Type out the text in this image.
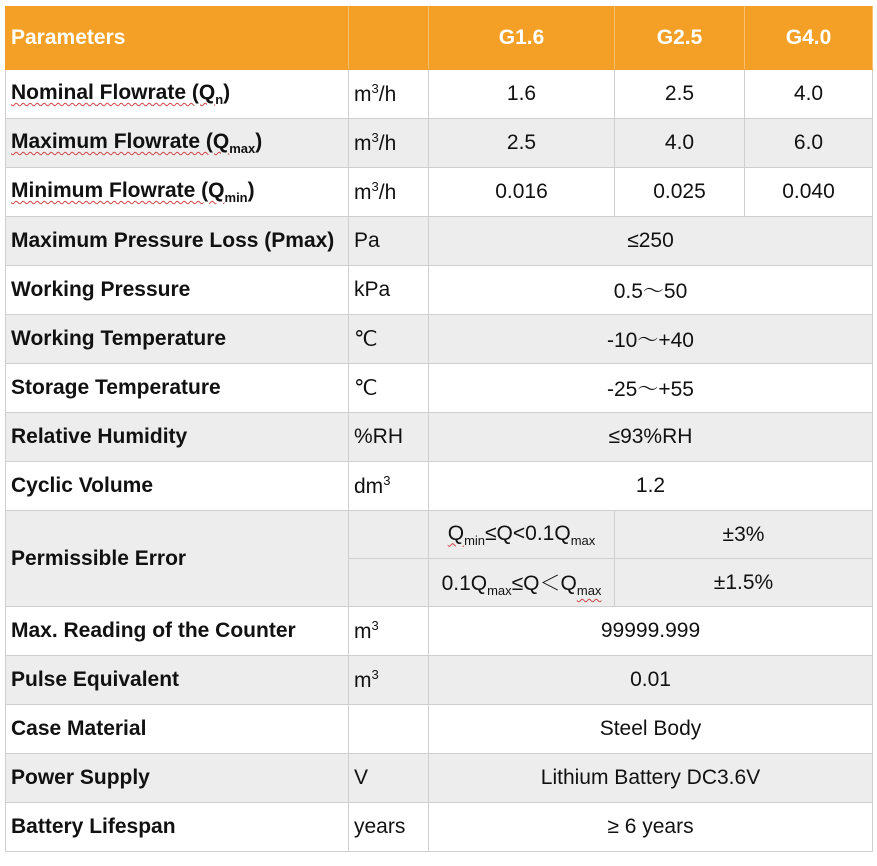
Parameters		G1.6	G2.5	G4.0
Nominal Flowrate $(Q_n)$	$m^3/h$	1.6	2.5	4.0
Maximum Flowrate $(Q_{max})$	$m^3/h$	2.5	4.0	6.0
Minimum Flowrate $(Q_{min})$	$m^3/h$	0.016	0.025	0.040
Maximum Pressure Loss (Pmax)	Pa	≤250		
Working Pressure	kPa	0.5～50		
Working Temperature	℃	-10～+40		
Storage Temperature	℃	-25～+55		
Relative Humidity	%RH	≤93%RH		
Cyclic Volume	$dm^3$	1.2		
Permissible Error		$Q_{min}\le Q<0.1Q_{max}$	±3%	
		$0.1Q_{max}\le Q<Q_{max}$	±1.5%	
Max. Reading of the Counter	$m^3$	99999.999		
Pulse Equivalent	$m^3$	0.01		
Case Material		Steel Body		
Power Supply	V	Lithium Battery DC3.6V		
Battery Lifespan	years	≥ 6 years		
